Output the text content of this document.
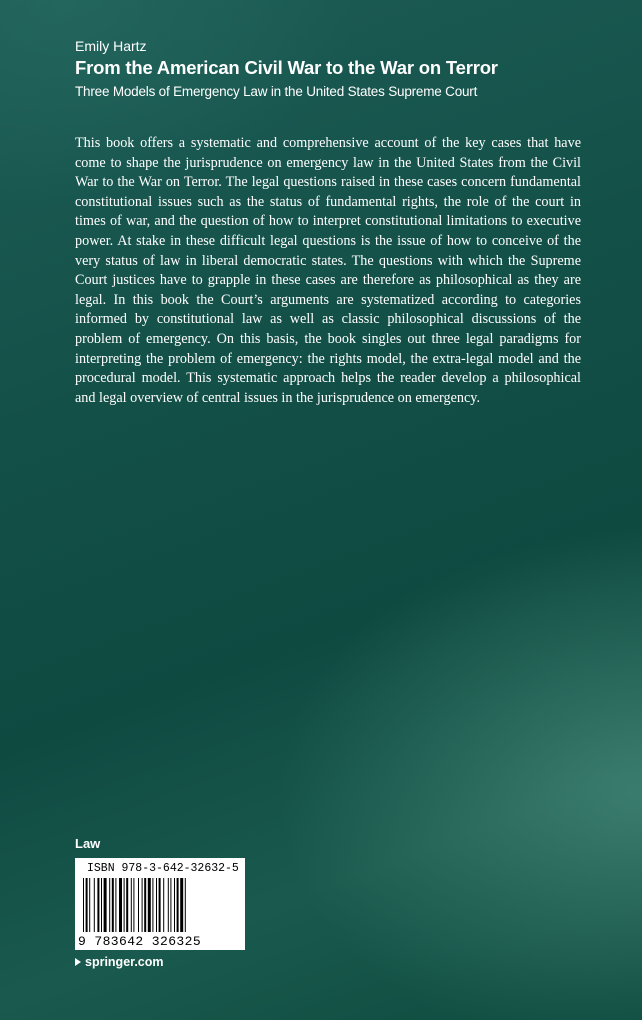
Emily Hartz
From the American Civil War to the War on Terror
Three Models of Emergency Law in the United States Supreme Court

This book offers a systematic and comprehensive account of the key cases that have come to shape the jurisprudence on emergency law in the United States from the Civil War to the War on Terror. The legal questions raised in these cases concern fundamental constitutional issues such as the status of fundamental rights, the role of the court in times of war, and the question of how to interpret constitutional limitations to executive power. At stake in these difficult legal questions is the issue of how to conceive of the very status of law in liberal democratic states. The questions with which the Supreme Court justices have to grapple in these cases are therefore as philosophical as they are legal. In this book the Court’s arguments are systematized according to categories informed by constitutional law as well as classic philosophical discussions of the problem of emergency. On this basis, the book singles out three legal paradigms for interpreting the problem of emergency: the rights model, the extra-legal model and the procedural model. This systematic approach helps the reader develop a philosophical and legal overview of central issues in the jurisprudence on emergency.

Law
ISBN 978-3-642-32632-5
9 783642 326325
springer.com
